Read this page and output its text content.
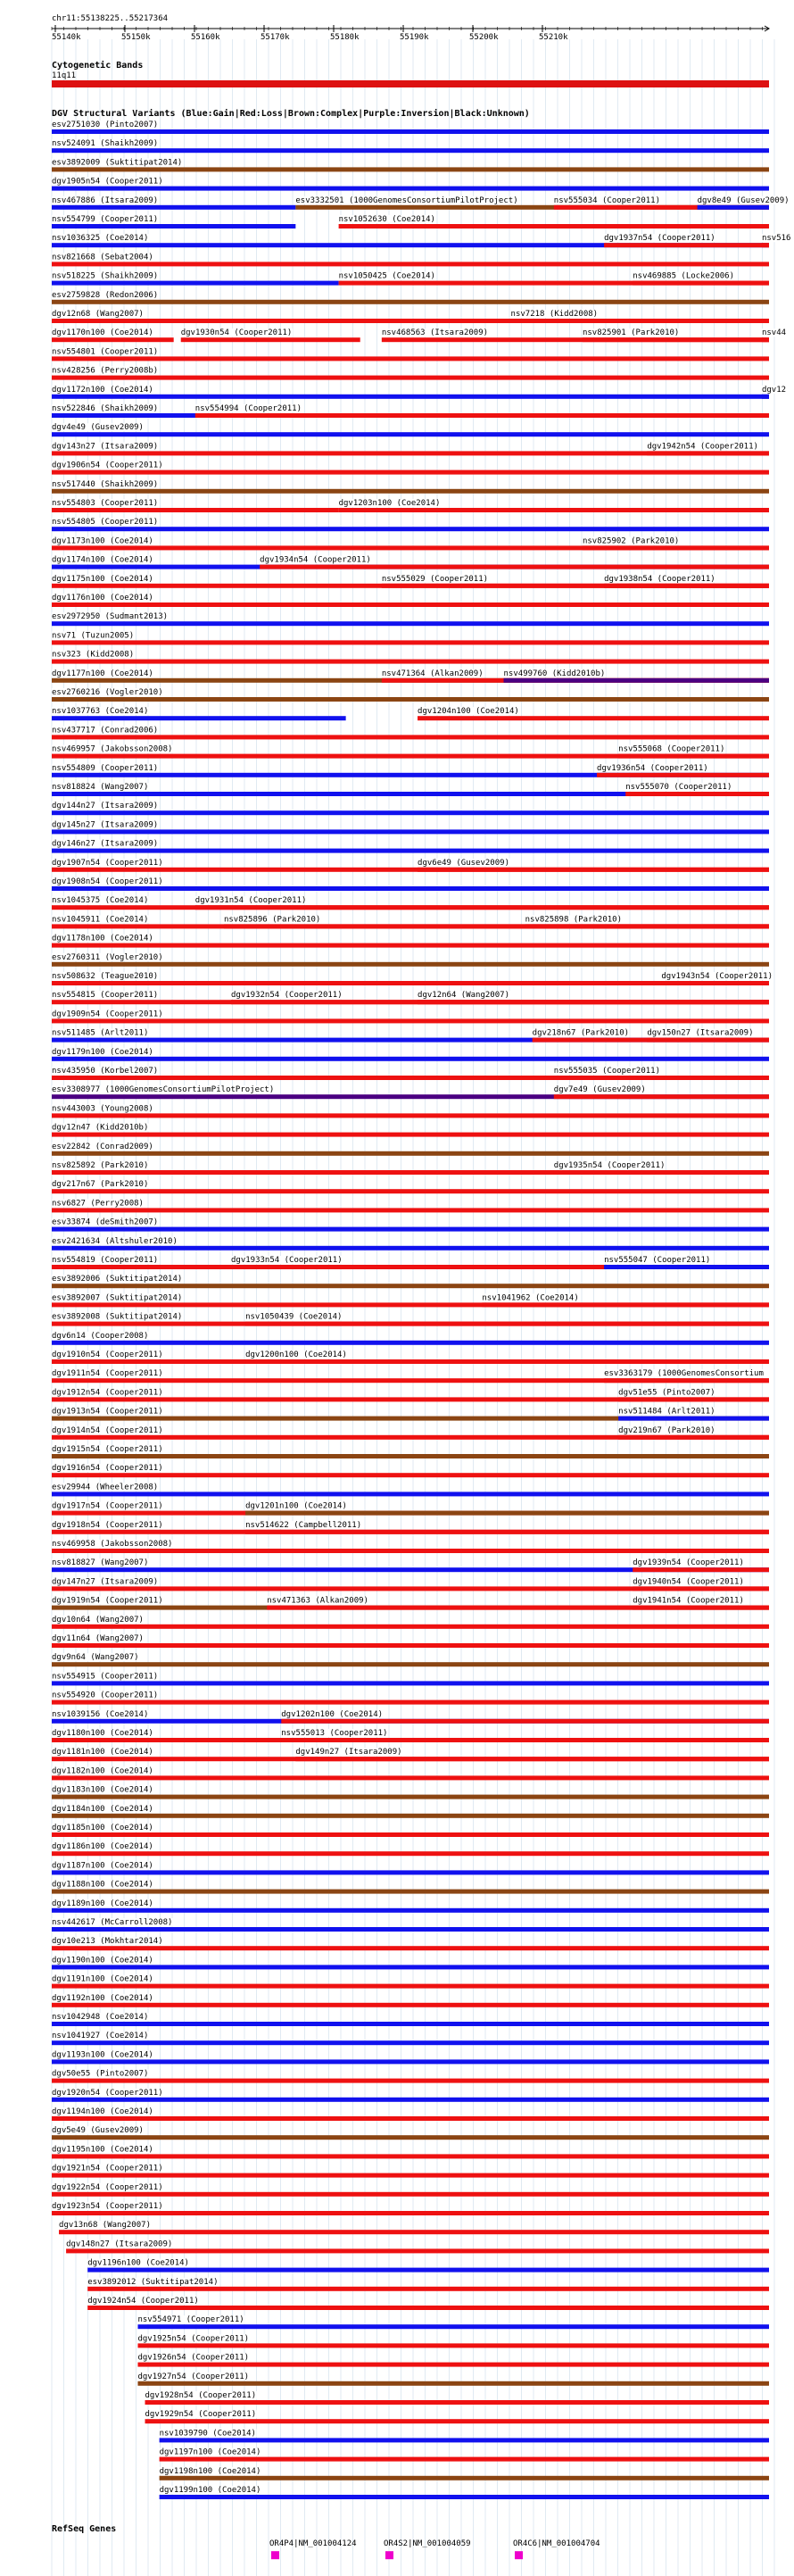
chr11:55138225..55217364
55140k	55150k	55160k	55170k	55180k	55190k	55200k	55210k
Cytogenetic Bands
11q11
DGV Structural Variants (Blue:Gain|Red:Loss|Brown:Complex|Purple:Inversion|Black:Unknown)
esv2751030 (Pinto2007)
nsv524091 (Shaikh2009)
esv3892009 (Suktitipat2014)
dgv1905n54 (Cooper2011)
nsv467886 (Itsara2009)	esv3332501 (1000GenomesConsortiumPilotProject)	nsv555034 (Cooper2011)	dgv8e49 (Gusev2009)
nsv554799 (Cooper2011)	nsv1052630 (Coe2014)
nsv1036325 (Coe2014)	dgv1937n54 (Cooper2011)	nsv516
nsv821668 (Sebat2004)
nsv518225 (Shaikh2009)	nsv1050425 (Coe2014)	nsv469885 (Locke2006)
esv2759828 (Redon2006)
dgv12n68 (Wang2007)	nsv7218 (Kidd2008)
dgv1170n100 (Coe2014)	dgv1930n54 (Cooper2011)	nsv468563 (Itsara2009)	nsv825901 (Park2010)	nsv44
nsv554801 (Cooper2011)
nsv428256 (Perry2008b)
dgv1172n100 (Coe2014)	dgv12
nsv522846 (Shaikh2009)	nsv554994 (Cooper2011)
dgv4e49 (Gusev2009)
dgv143n27 (Itsara2009)	dgv1942n54 (Cooper2011)
dgv1906n54 (Cooper2011)
nsv517440 (Shaikh2009)
nsv554803 (Cooper2011)	dgv1203n100 (Coe2014)
nsv554805 (Cooper2011)
dgv1173n100 (Coe2014)	nsv825902 (Park2010)
dgv1174n100 (Coe2014)	dgv1934n54 (Cooper2011)
dgv1175n100 (Coe2014)	nsv555029 (Cooper2011)	dgv1938n54 (Cooper2011)
dgv1176n100 (Coe2014)
esv2972950 (Sudmant2013)
nsv71 (Tuzun2005)
nsv323 (Kidd2008)
dgv1177n100 (Coe2014)	nsv471364 (Alkan2009)	nsv499760 (Kidd2010b)
esv2760216 (Vogler2010)
nsv1037763 (Coe2014)	dgv1204n100 (Coe2014)
nsv437717 (Conrad2006)
nsv469957 (Jakobsson2008)	nsv555068 (Cooper2011)
nsv554809 (Cooper2011)	dgv1936n54 (Cooper2011)
nsv818824 (Wang2007)	nsv555070 (Cooper2011)
dgv144n27 (Itsara2009)
dgv145n27 (Itsara2009)
dgv146n27 (Itsara2009)
dgv1907n54 (Cooper2011)	dgv6e49 (Gusev2009)
dgv1908n54 (Cooper2011)
nsv1045375 (Coe2014)	dgv1931n54 (Cooper2011)
nsv1045911 (Coe2014)	nsv825896 (Park2010)	nsv825898 (Park2010)
dgv1178n100 (Coe2014)
esv2760311 (Vogler2010)
nsv508632 (Teague2010)	dgv1943n54 (Cooper2011)
nsv554815 (Cooper2011)	dgv1932n54 (Cooper2011)	dgv12n64 (Wang2007)
dgv1909n54 (Cooper2011)
nsv511485 (Arlt2011)	dgv218n67 (Park2010) dgv150n27 (Itsara2009)
dgv1179n100 (Coe2014)
nsv435950 (Korbel2007)	nsv555035 (Cooper2011)
esv3308977 (1000GenomesConsortiumPilotProject)	dgv7e49 (Gusev2009)
nsv443003 (Young2008)
dgv12n47 (Kidd2010b)
esv22842 (Conrad2009)
nsv825892 (Park2010)	dgv1935n54 (Cooper2011)
dgv217n67 (Park2010)
nsv6827 (Perry2008)
esv33874 (deSmith2007)
esv2421634 (Altshuler2010)
nsv554819 (Cooper2011)	dgv1933n54 (Cooper2011)	nsv555047 (Cooper2011)
esv3892006 (Suktitipat2014)
esv3892007 (Suktitipat2014)	nsv1041962 (Coe2014)
esv3892008 (Suktitipat2014)	nsv1050439 (Coe2014)
dgv6n14 (Cooper2008)
dgv1910n54 (Cooper2011)	dgv1200n100 (Coe2014)
dgv1911n54 (Cooper2011)	esv3363179 (1000GenomesConsortium
dgv1912n54 (Cooper2011)	dgv51e55 (Pinto2007)
dgv1913n54 (Cooper2011)	nsv511484 (Arlt2011)
dgv1914n54 (Cooper2011)	dgv219n67 (Park2010)
dgv1915n54 (Cooper2011)
dgv1916n54 (Cooper2011)
esv29944 (Wheeler2008)
dgv1917n54 (Cooper2011)	dgv1201n100 (Coe2014)
dgv1918n54 (Cooper2011)	nsv514622 (Campbell2011)
nsv469958 (Jakobsson2008)
nsv818827 (Wang2007)	dgv1939n54 (Cooper2011)
dgv147n27 (Itsara2009)	dgv1940n54 (Cooper2011)
dgv1919n54 (Cooper2011)	nsv471363 (Alkan2009)	dgv1941n54 (Cooper2011)
dgv10n64 (Wang2007)
dgv11n64 (Wang2007)
dgv9n64 (Wang2007)
nsv554915 (Cooper2011)
nsv554920 (Cooper2011)
nsv1039156 (Coe2014)	dgv1202n100 (Coe2014)
dgv1180n100 (Coe2014)	nsv555013 (Cooper2011)
dgv1181n100 (Coe2014)	dgv149n27 (Itsara2009)
dgv1182n100 (Coe2014)
dgv1183n100 (Coe2014)
dgv1184n100 (Coe2014)
dgv1185n100 (Coe2014)
dgv1186n100 (Coe2014)
dgv1187n100 (Coe2014)
dgv1188n100 (Coe2014)
dgv1189n100 (Coe2014)
nsv442617 (McCarroll2008)
dgv10e213 (Mokhtar2014)
dgv1190n100 (Coe2014)
dgv1191n100 (Coe2014)
dgv1192n100 (Coe2014)
nsv1042948 (Coe2014)
nsv1041927 (Coe2014)
dgv1193n100 (Coe2014)
dgv50e55 (Pinto2007)
dgv1920n54 (Cooper2011)
dgv1194n100 (Coe2014)
dgv5e49 (Gusev2009)
dgv1195n100 (Coe2014)
dgv1921n54 (Cooper2011)
dgv1922n54 (Cooper2011)
dgv1923n54 (Cooper2011)
dgv13n68 (Wang2007)
dgv148n27 (Itsara2009)
dgv1196n100 (Coe2014)
esv3892012 (Suktitipat2014)
dgv1924n54 (Cooper2011)
nsv554971 (Cooper2011)
dgv1925n54 (Cooper2011)
dgv1926n54 (Cooper2011)
dgv1927n54 (Cooper2011)
dgv1928n54 (Cooper2011)
dgv1929n54 (Cooper2011)
nsv1039790 (Coe2014)
dgv1197n100 (Coe2014)
dgv1198n100 (Coe2014)
dgv1199n100 (Coe2014)
RefSeq Genes
OR4P4|NM_001004124	OR4S2|NM_001004059	OR4C6|NM_001004704
